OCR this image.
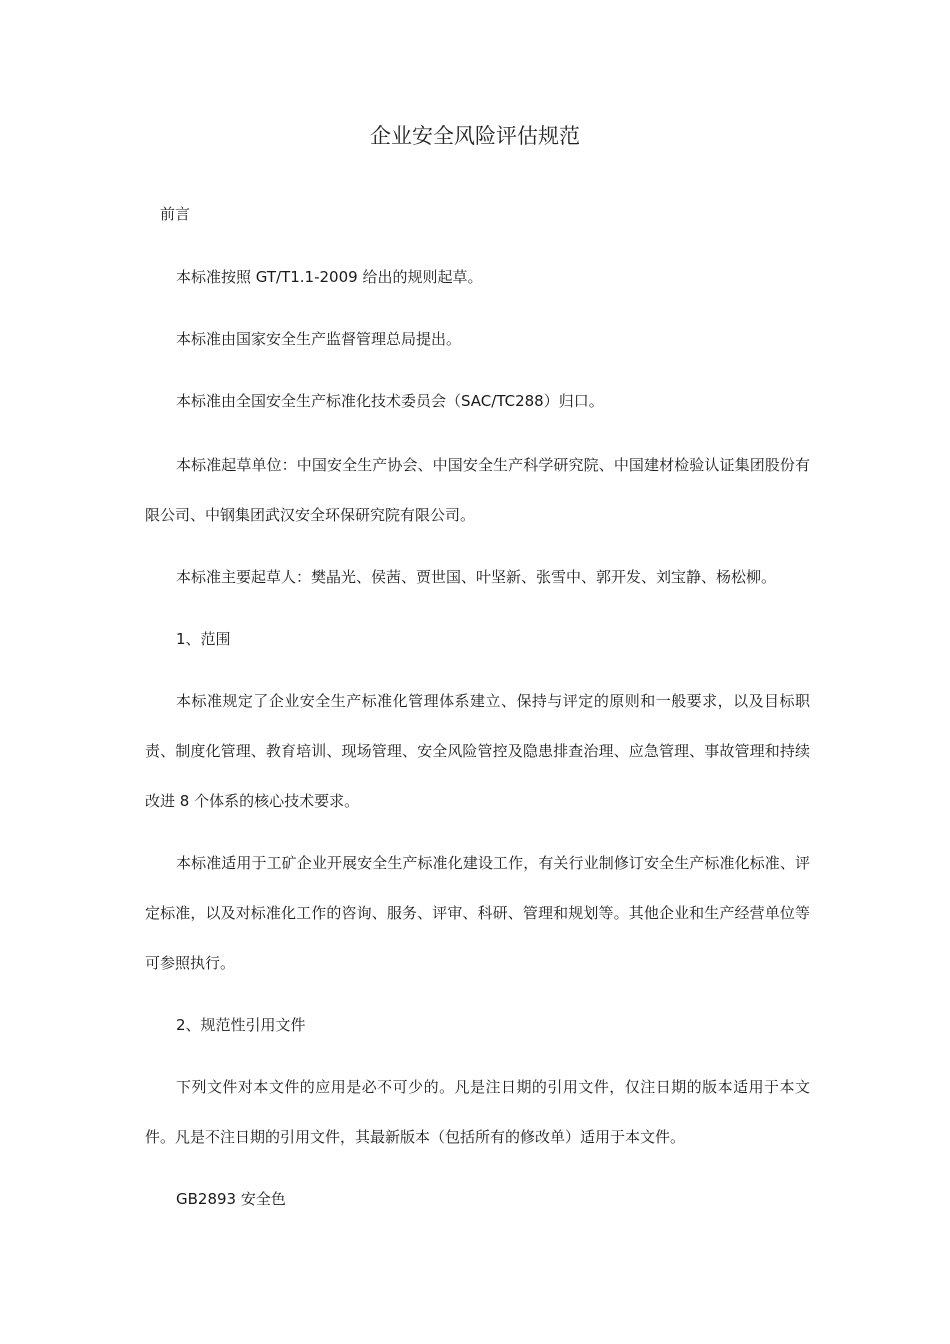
企业安全风险评估规范

前言

本标准按照 GT/T1.1-2009 给出的规则起草。

本标准由国家安全生产监督管理总局提出。

本标准由全国安全生产标准化技术委员会（SAC/TC288）归口。

本标准起草单位：中国安全生产协会、中国安全生产科学研究院、中国建材检验认证集团股份有限公司、中钢集团武汉安全环保研究院有限公司。

本标准主要起草人：樊晶光、侯茜、贾世国、叶坚新、张雪中、郭开发、刘宝静、杨松柳。

1、范围

本标准规定了企业安全生产标准化管理体系建立、保持与评定的原则和一般要求，以及目标职责、制度化管理、教育培训、现场管理、安全风险管控及隐患排查治理、应急管理、事故管理和持续改进 8 个体系的核心技术要求。

本标准适用于工矿企业开展安全生产标准化建设工作，有关行业制修订安全生产标准化标准、评定标准，以及对标准化工作的咨询、服务、评审、科研、管理和规划等。其他企业和生产经营单位等可参照执行。

2、规范性引用文件

下列文件对本文件的应用是必不可少的。凡是注日期的引用文件，仅注日期的版本适用于本文件。凡是不注日期的引用文件，其最新版本（包括所有的修改单）适用于本文件。

GB2893 安全色
